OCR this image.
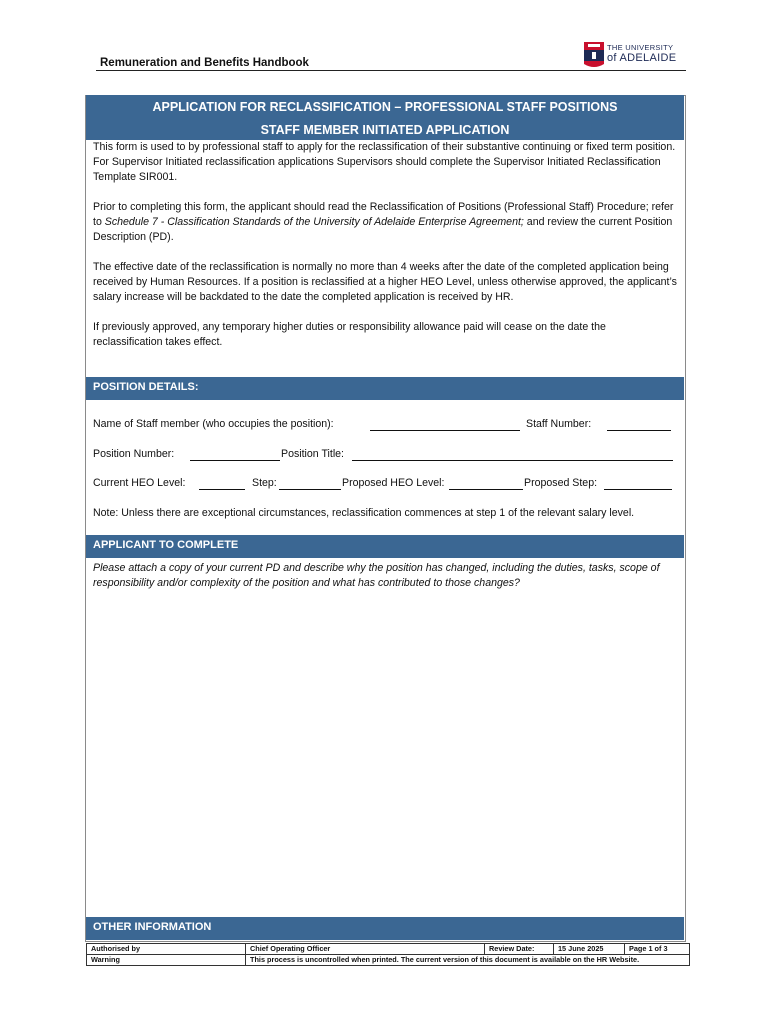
Remuneration and Benefits Handbook
THE UNIVERSITY
of ADELAIDE
APPLICATION FOR RECLASSIFICATION – PROFESSIONAL STAFF POSITIONS
STAFF MEMBER INITIATED APPLICATION

This form is used to by professional staff to apply for the reclassification of their substantive continuing or fixed term position.

For Supervisor Initiated reclassification applications Supervisors should complete the Supervisor Initiated Reclassification Template SIR001.

Prior to completing this form, the applicant should read the Reclassification of Positions (Professional Staff) Procedure; refer to Schedule 7 - Classification Standards of the University of Adelaide Enterprise Agreement; and review the current Position Description (PD).

The effective date of the reclassification is normally no more than 4 weeks after the date of the completed application being received by Human Resources. If a position is reclassified at a higher HEO Level, unless otherwise approved, the applicant’s salary increase will be backdated to the date the completed application is received by HR.

If previously approved, any temporary higher duties or responsibility allowance paid will cease on the date the reclassification takes effect.

POSITION DETAILS:
Name of Staff member (who occupies the position):	Staff Number:
Position Number:	Position Title:
Current HEO Level:	Step:	Proposed HEO Level:	Proposed Step:
Note: Unless there are exceptional circumstances, reclassification commences at step 1 of the relevant salary level.
APPLICANT TO COMPLETE
Please attach a copy of your current PD and describe why the position has changed, including the duties, tasks, scope of responsibility and/or complexity of the position and what has contributed to those changes?
OTHER INFORMATION
Authorised by	Chief Operating Officer	Review Date:	15 June 2025	Page 1 of 3
Warning	This process is uncontrolled when printed. The current version of this document is available on the HR Website.			
